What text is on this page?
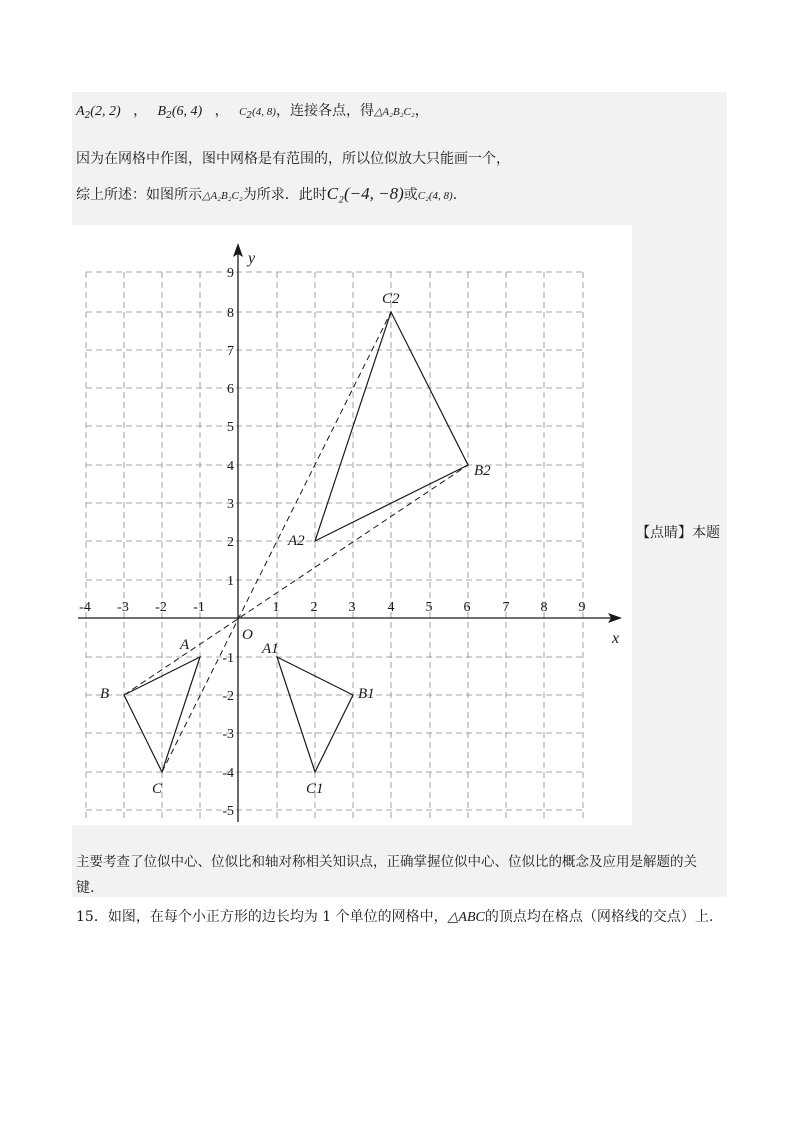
$A_2(2$, 2) ， $B_2(6$, 4) ， $C_2(4$, 8)，连接各点，得△A₂B₂C₂，
因为在网格中作图，图中网格是有范围的，所以位似放大只能画一个，
综上所述：如图所示△A₂B₂C₂为所求．此时C₂(−4, −8)或C₂(4, 8).
x
y
O
-4 -3 -2 -1	1 2 3 4 5 6 7 8 9
9
8
7
6
5
4
3
2
1
-1
-2
-3
-4
-5
A
B
C
A1
B1
C1
A2
B2
C2
【点睛】本题
主要考查了位似中心、位似比和轴对称相关知识点，正确掌握位似中心、位似比的概念及应用是解题的关
键.
15．如图，在每个小正方形的边长均为 1 个单位的网格中，△ABC的顶点均在格点（网格线的交点）上.
